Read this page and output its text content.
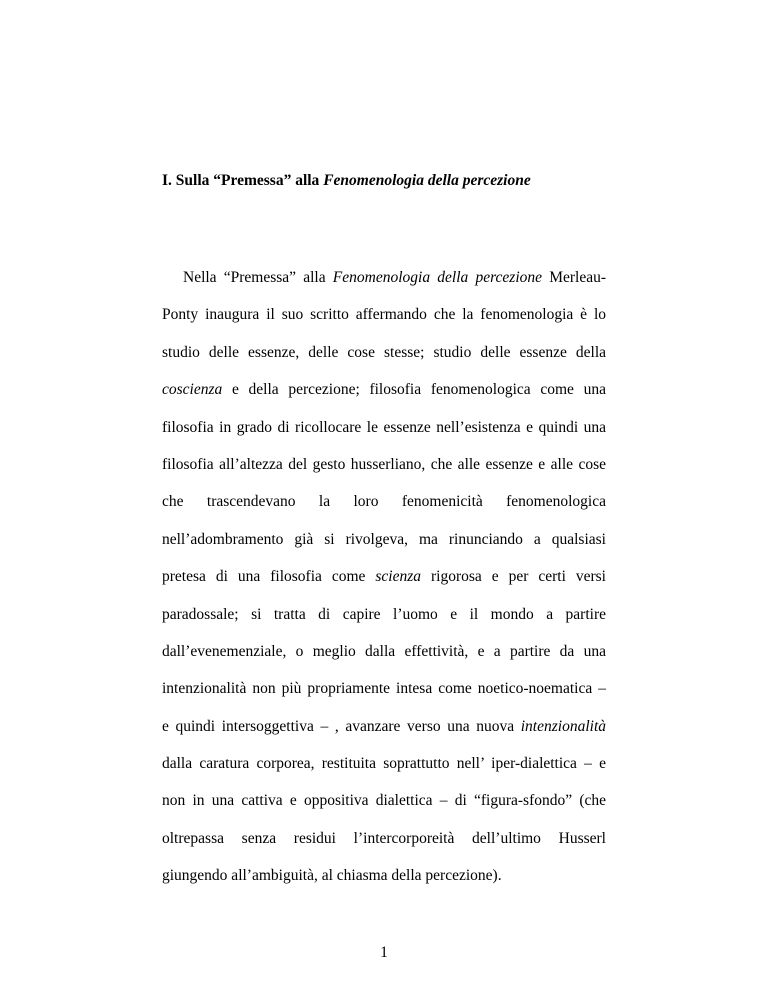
I. Sulla “Premessa” alla Fenomenologia della percezione
Nella “Premessa” alla Fenomenologia della percezione Merleau-
Ponty inaugura il suo scritto affermando che la fenomenologia è lo
studio delle essenze, delle cose stesse; studio delle essenze della
coscienza e della percezione; filosofia fenomenologica come una
filosofia in grado di ricollocare le essenze nell’esistenza e quindi una
filosofia all’altezza del gesto husserliano, che alle essenze e alle cose
che trascendevano la loro fenomenicità fenomenologica
nell’adombramento già si rivolgeva, ma rinunciando a qualsiasi
pretesa di una filosofia come scienza rigorosa e per certi versi
paradossale; si tratta di capire l’uomo e il mondo a partire
dall’evenemenziale, o meglio dalla effettività, e a partire da una
intenzionalità non più propriamente intesa come noetico-noematica –
e quindi intersoggettiva – , avanzare verso una nuova intenzionalità
dalla caratura corporea, restituita soprattutto nell’ iper-dialettica – e
non in una cattiva e oppositiva dialettica – di “figura-sfondo” (che
oltrepassa senza residui l’intercorporeità dell’ultimo Husserl
giungendo all’ambiguità, al chiasma della percezione).
1
